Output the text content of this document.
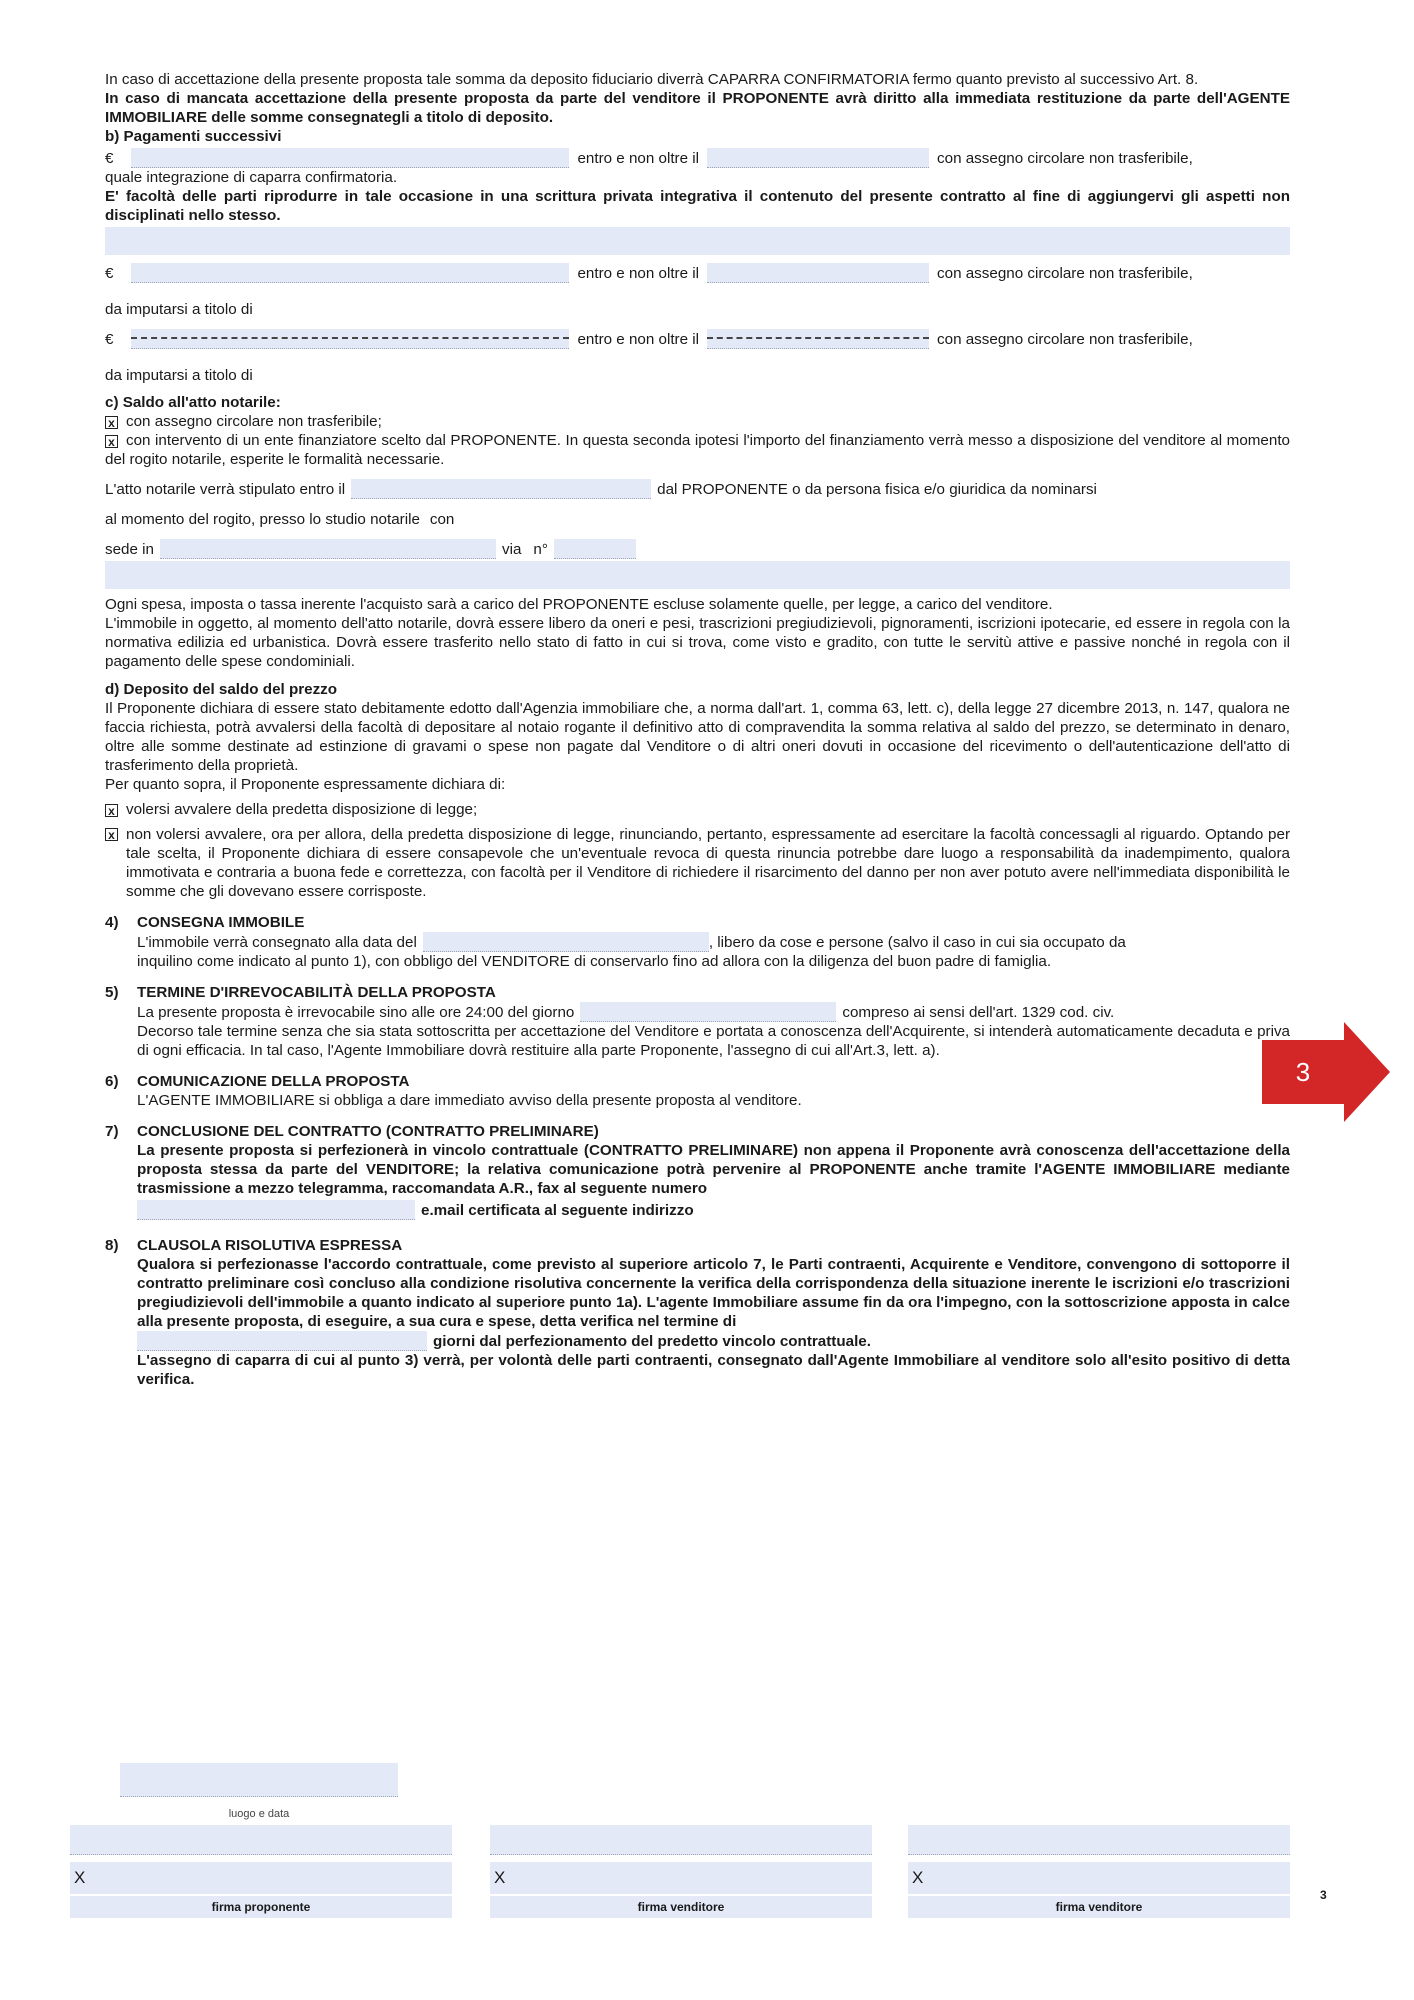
In caso di accettazione della presente proposta tale somma da deposito fiduciario diverrà CAPARRA CONFIRMATORIA fermo quanto previsto al successivo Art. 8.

In caso di mancata accettazione della presente proposta da parte del venditore il PROPONENTE avrà diritto alla immediata restituzione da parte dell'AGENTE IMMOBILIARE delle somme consegnategli a titolo di deposito.

b) Pagamenti successivi

€	entro e non oltre il	con assegno circolare non trasferibile,

quale integrazione di caparra confirmatoria.

E' facoltà delle parti riprodurre in tale occasione in una scrittura privata integrativa il contenuto del presente contratto al fine di aggiungervi gli aspetti non disciplinati nello stesso.

€	entro e non oltre il	con assegno circolare non trasferibile,
da imputarsi a titolo di
€	entro e non oltre il	con assegno circolare non trasferibile,
da imputarsi a titolo di

c) Saldo all'atto notarile:

x con assegno circolare non trasferibile;

x con intervento di un ente finanziatore scelto dal PROPONENTE. In questa seconda ipotesi l'importo del finanziamento verrà messo a disposizione del venditore al momento del rogito notarile, esperite le formalità necessarie.

L'atto notarile verrà stipulato entro il	dal PROPONENTE o da persona fisica e/o giuridica da nominarsi
al momento del rogito, presso lo studio notarile con
sede in	via n°

Ogni spesa, imposta o tassa inerente l'acquisto sarà a carico del PROPONENTE escluse solamente quelle, per legge, a carico del venditore.

L'immobile in oggetto, al momento dell'atto notarile, dovrà essere libero da oneri e pesi, trascrizioni pregiudizievoli, pignoramenti, iscrizioni ipotecarie, ed essere in regola con la normativa edilizia ed urbanistica. Dovrà essere trasferito nello stato di fatto in cui si trova, come visto e gradito, con tutte le servitù attive e passive nonché in regola con il pagamento delle spese condominiali.

d) Deposito del saldo del prezzo

Il Proponente dichiara di essere stato debitamente edotto dall'Agenzia immobiliare che, a norma dall'art. 1, comma 63, lett. c), della legge 27 dicembre 2013, n. 147, qualora ne faccia richiesta, potrà avvalersi della facoltà di depositare al notaio rogante il definitivo atto di compravendita la somma relativa al saldo del prezzo, se determinato in denaro, oltre alle somme destinate ad estinzione di gravami o spese non pagate dal Venditore o di altri oneri dovuti in occasione del ricevimento o dell'autenticazione dell'atto di trasferimento della proprietà.

Per quanto sopra, il Proponente espressamente dichiara di:

x volersi avvalere della predetta disposizione di legge;

x non volersi avvalere, ora per allora, della predetta disposizione di legge, rinunciando, pertanto, espressamente ad esercitare la facoltà concessagli al riguardo. Optando per tale scelta, il Proponente dichiara di essere consapevole che un'eventuale revoca di questa rinuncia potrebbe dare luogo a responsabilità da inadempimento, qualora immotivata e contraria a buona fede e correttezza, con facoltà per il Venditore di richiedere il risarcimento del danno per non aver potuto avere nell'immediata disponibilità le somme che gli dovevano essere corrisposte.

4)	CONSEGNA IMMOBILE

L'immobile verrà consegnato alla data del	, libero da cose e persone (salvo il caso in cui sia occupato da

inquilino come indicato al punto 1), con obbligo del VENDITORE di conservarlo fino ad allora con la diligenza del buon padre di famiglia.

5)	TERMINE D'IRREVOCABILITÀ DELLA PROPOSTA

La presente proposta è irrevocabile sino alle ore 24:00 del giorno	compreso ai sensi dell'art. 1329 cod. civ.

Decorso tale termine senza che sia stata sottoscritta per accettazione del Venditore e portata a conoscenza dell'Acquirente, si intenderà automaticamente decaduta e priva di ogni efficacia. In tal caso, l'Agente Immobiliare dovrà restituire alla parte Proponente, l'assegno di cui all'Art.3, lett. a).

6)	COMUNICAZIONE DELLA PROPOSTA

L'AGENTE IMMOBILIARE si obbliga a dare immediato avviso della presente proposta al venditore.

7)	CONCLUSIONE DEL CONTRATTO (CONTRATTO PRELIMINARE)

La presente proposta si perfezionerà in vincolo contrattuale (CONTRATTO PRELIMINARE) non appena il Proponente avrà conoscenza dell'accettazione della proposta stessa da parte del VENDITORE; la relativa comunicazione potrà pervenire al PROPONENTE anche tramite l'AGENTE IMMOBILIARE mediante trasmissione a mezzo telegramma, raccomandata A.R., fax al seguente numero

e.mail certificata al seguente indirizzo
8)	CLAUSOLA RISOLUTIVA ESPRESSA

Qualora si perfezionasse l'accordo contrattuale, come previsto al superiore articolo 7, le Parti contraenti, Acquirente e Venditore, convengono di sottoporre il contratto preliminare così concluso alla condizione risolutiva concernente la verifica della corrispondenza della situazione inerente le iscrizioni e/o trascrizioni pregiudizievoli dell'immobile a quanto indicato al superiore punto 1a). L'agente Immobiliare assume fin da ora l'impegno, con la sottoscrizione apposta in calce alla presente proposta, di eseguire, a sua cura e spese, detta verifica nel termine di

giorni dal perfezionamento del predetto vincolo contrattuale.

L'assegno di caparra di cui al punto 3) verrà, per volontà delle parti contraenti, consegnato dall'Agente Immobiliare al venditore solo all'esito positivo di detta verifica.

3
luogo e data
X
firma proponente
X
firma venditore
X
firma venditore
3
